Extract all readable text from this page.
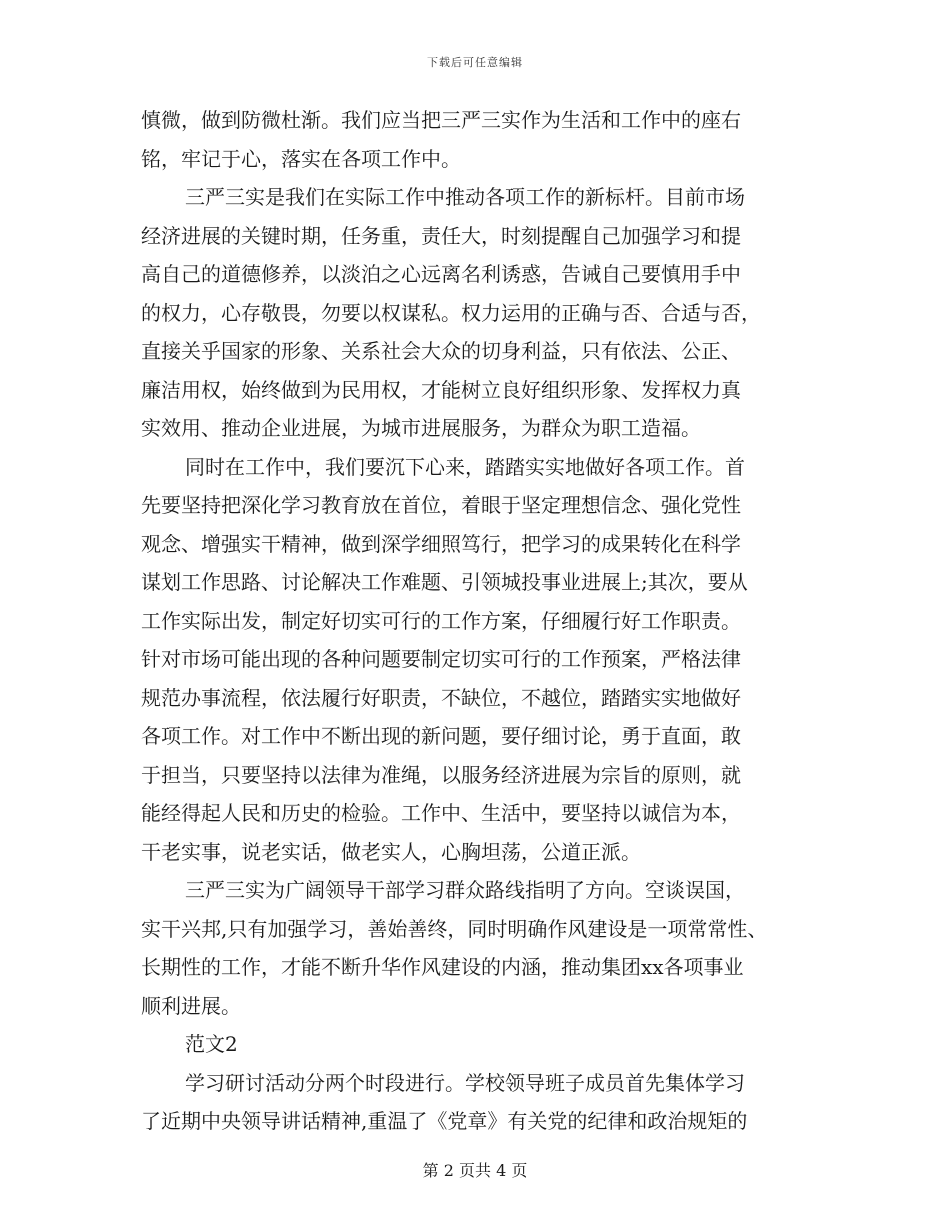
下载后可任意编辑
慎微，做到防微杜渐。我们应当把三严三实作为生活和工作中的座右
铭，牢记于心，落实在各项工作中。
三严三实是我们在实际工作中推动各项工作的新标杆。目前市场
经济进展的关键时期，任务重，责任大，时刻提醒自己加强学习和提
高自己的道德修养，以淡泊之心远离名利诱惑，告诫自己要慎用手中
的权力，心存敬畏，勿要以权谋私。权力运用的正确与否、合适与否，
直接关乎国家的形象、关系社会大众的切身利益，只有依法、公正、
廉洁用权，始终做到为民用权，才能树立良好组织形象、发挥权力真
实效用、推动企业进展，为城市进展服务，为群众为职工造福。
同时在工作中，我们要沉下心来，踏踏实实地做好各项工作。首
先要坚持把深化学习教育放在首位，着眼于坚定理想信念、强化党性
观念、增强实干精神，做到深学细照笃行，把学习的成果转化在科学
谋划工作思路、讨论解决工作难题、引领城投事业进展上;其次，要从
工作实际出发，制定好切实可行的工作方案，仔细履行好工作职责。
针对市场可能出现的各种问题要制定切实可行的工作预案，严格法律
规范办事流程，依法履行好职责，不缺位，不越位，踏踏实实地做好
各项工作。对工作中不断出现的新问题，要仔细讨论，勇于直面，敢
于担当，只要坚持以法律为准绳，以服务经济进展为宗旨的原则，就
能经得起人民和历史的检验。工作中、生活中，要坚持以诚信为本，
干老实事，说老实话，做老实人，心胸坦荡，公道正派。
三严三实为广阔领导干部学习群众路线指明了方向。空谈误国，
实干兴邦,只有加强学习，善始善终，同时明确作风建设是一项常常性、
长期性的工作，才能不断升华作风建设的内涵，推动集团xx各项事业
顺利进展。
范文2
学习研讨活动分两个时段进行。学校领导班子成员首先集体学习
了近期中央领导讲话精神,重温了《党章》有关党的纪律和政治规矩的
第 2 页共 4 页
